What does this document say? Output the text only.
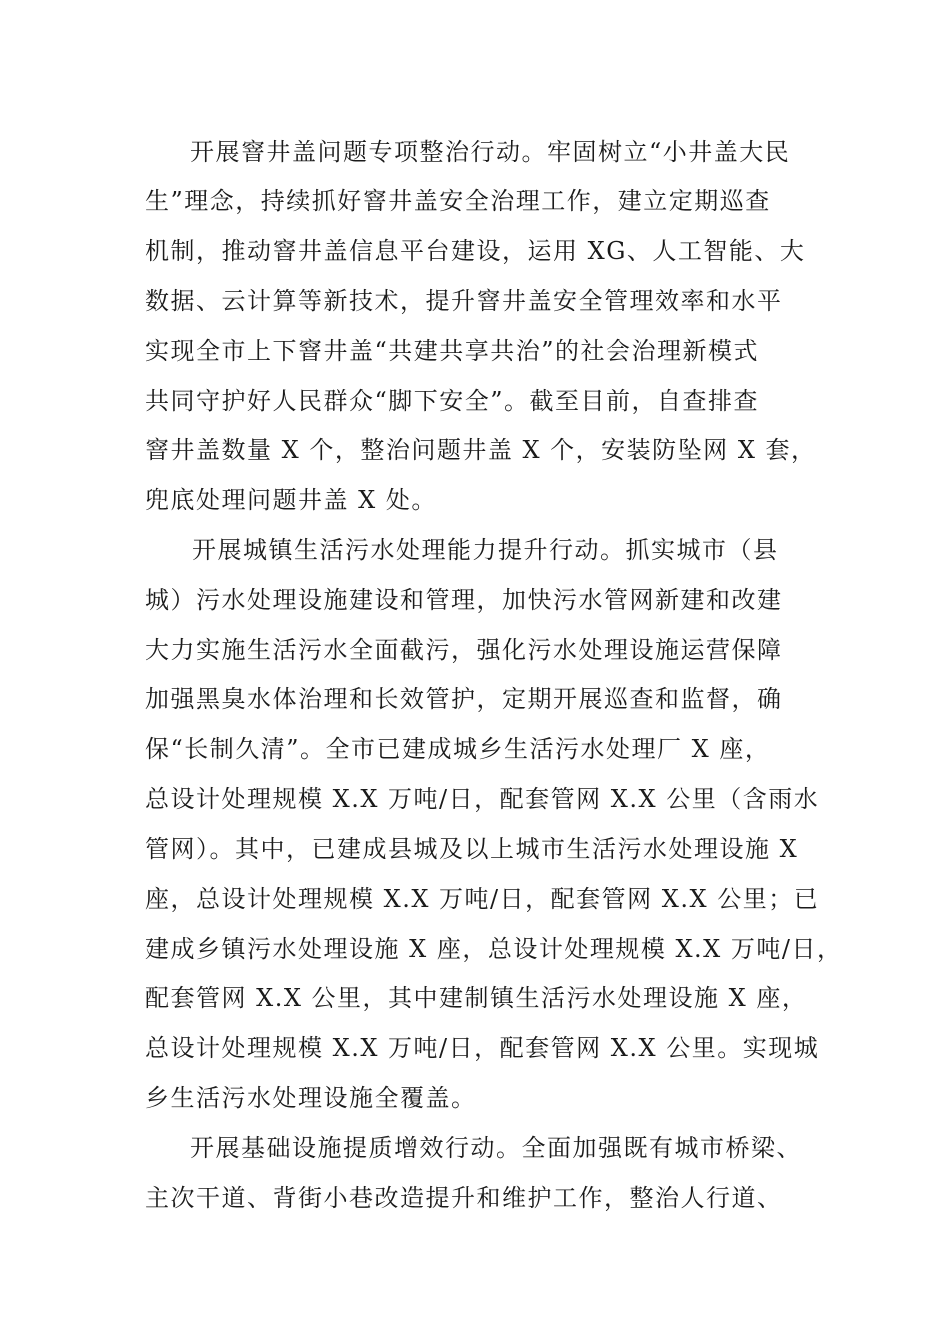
开展窨井盖问题专项整治行动。牢固树立“小井盖大民

生”理念，持续抓好窨井盖安全治理工作，建立定期巡查

机制，推动窨井盖信息平台建设，运用 XG、人工智能、大

数据、云计算等新技术，提升窨井盖安全管理效率和水平

实现全市上下窨井盖“共建共享共治”的社会治理新模式

共同守护好人民群众“脚下安全”。截至目前，自查排查

窨井盖数量 X 个，整治问题井盖 X 个，安装防坠网 X 套，

兜底处理问题井盖 X 处。

开展城镇生活污水处理能力提升行动。抓实城市（县

城）污水处理设施建设和管理，加快污水管网新建和改建

大力实施生活污水全面截污，强化污水处理设施运营保障

加强黑臭水体治理和长效管护，定期开展巡查和监督，确

保“长制久清”。全市已建成城乡生活污水处理厂 X 座，

总设计处理规模 X.X 万吨/日，配套管网 X.X 公里（含雨水

管网）。其中，已建成县城及以上城市生活污水处理设施 X

座，总设计处理规模 X.X 万吨/日，配套管网 X.X 公里；已

建成乡镇污水处理设施 X 座，总设计处理规模 X.X 万吨/日，

配套管网 X.X 公里，其中建制镇生活污水处理设施 X 座，

总设计处理规模 X.X 万吨/日，配套管网 X.X 公里。实现城

乡生活污水处理设施全覆盖。

开展基础设施提质增效行动。全面加强既有城市桥梁、

主次干道、背街小巷改造提升和维护工作，整治人行道、
